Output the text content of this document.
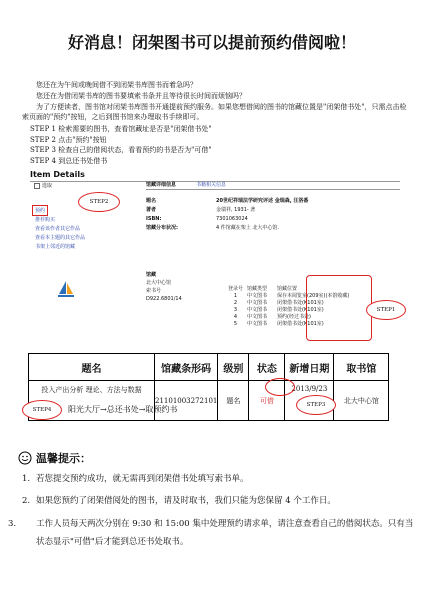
好消息！闭架图书可以提前预约借阅啦！
您还在为午间或晚间借不到闭架书库图书而着急吗？
您还在为借闭架书库的图书要填索书条并且等待很长时间而烦恼吗？
为了方便读者，图书馆对闭架书库图书开通提前预约服务。如果您想借阅的图书的馆藏位置是"闭架借书处"，只需点击检索页面的"预约"按钮，之后到图书馆来办理取书手续即可。
STEP 1 检索需要的图书，查看馆藏址是否是"闭架借书处"
STEP 2 点击"预约"按钮
STEP 3 检查自己的借阅状态，看看预约的书是否为"可借"
STEP 4 到总还书处借书
Item Details
选取
预约
推荐购买
查看该作者其它作品
查看本主题的其它作品
书架上邻近的馆藏
馆藏详细信息	书籍相关信息
题名	20世纪祥瑞法学研究评述 金瑞森, 汪洛番
著者	金瑞祥, 1931- 著
ISBN:	7301063024
馆藏分布状况:	4 件馆藏在架上 北大中心馆.
馆藏
北大中心馆
索书号
D922.6801/14
登录号	馆藏类型	馆藏位置
1	中文图书	保存本阅览室(209室)(本馆收藏)
2	中文图书	闭架借书处(K101室)
3	中文图书	闭架借书处(K101室)
4	中文图书	预约(经过书处)
5	中文图书	闭架借书处(K101室)
STEP2
STEP1
题名	馆藏条形码	级别	状态	新增日期	取书馆
投入产出分析 理论、方法与数据	21101003272101	题名	可借	2013/9/23	北大中心馆
STEP3
STEP4	阳光大厅→总还书处→取预约书
温馨提示：
1. 若您提交预约成功，就无需再到闭架借书处填写索书单。
2. 如果您预约了闭架借阅处的图书，请及时取书，我们只能为您保留 4 个工作日。
3. 工作人员每天两次分别在 9:30 和 15:00 集中处理预约请求单，请注意查看自己的借阅状态。只有当状态显示"可借"后才能到总还书处取书。
